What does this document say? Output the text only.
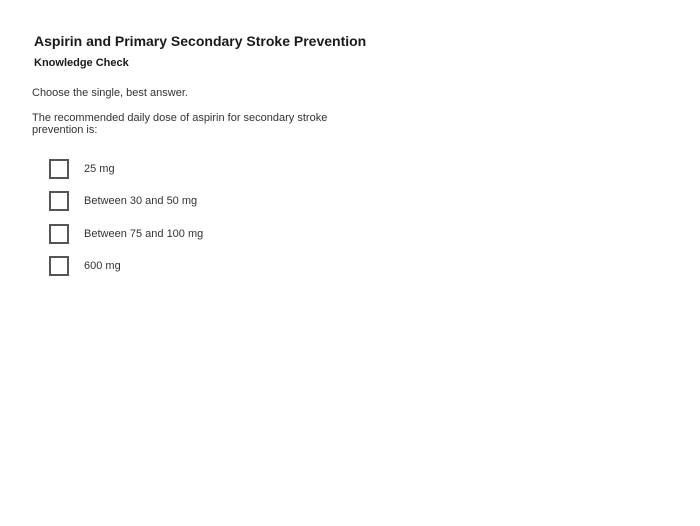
Aspirin and Primary Secondary Stroke Prevention
Knowledge Check
Choose the single, best answer.
The recommended daily dose of aspirin for secondary stroke prevention is:
25 mg
Between 30 and 50 mg
Between 75 and 100 mg
600 mg
